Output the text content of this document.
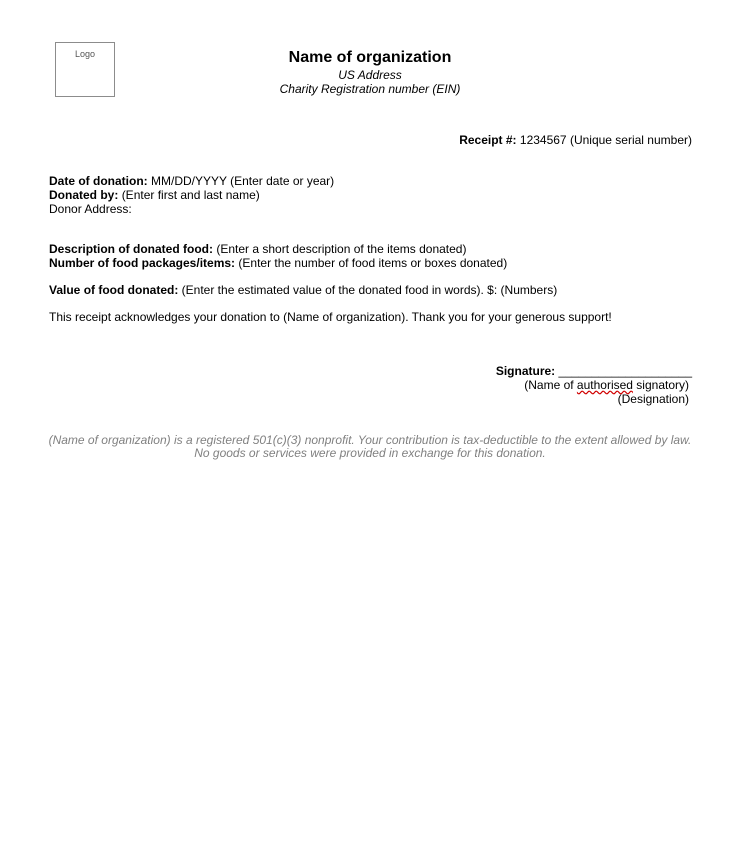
Logo	Name of organization
US Address
Charity Registration number (EIN)
Receipt #: 1234567 (Unique serial number)
Date of donation: MM/DD/YYYY (Enter date or year)
Donated by: (Enter first and last name)
Donor Address:
Description of donated food: (Enter a short description of the items donated)
Number of food packages/items: (Enter the number of food items or boxes donated)
Value of food donated: (Enter the estimated value of the donated food in words). $: (Numbers)
This receipt acknowledges your donation to (Name of organization). Thank you for your generous support!
Signature: ____________________
(Name of authorised signatory)
(Designation)
(Name of organization) is a registered 501(c)(3) nonprofit. Your contribution is tax-deductible to the extent allowed by law.
No goods or services were provided in exchange for this donation.
